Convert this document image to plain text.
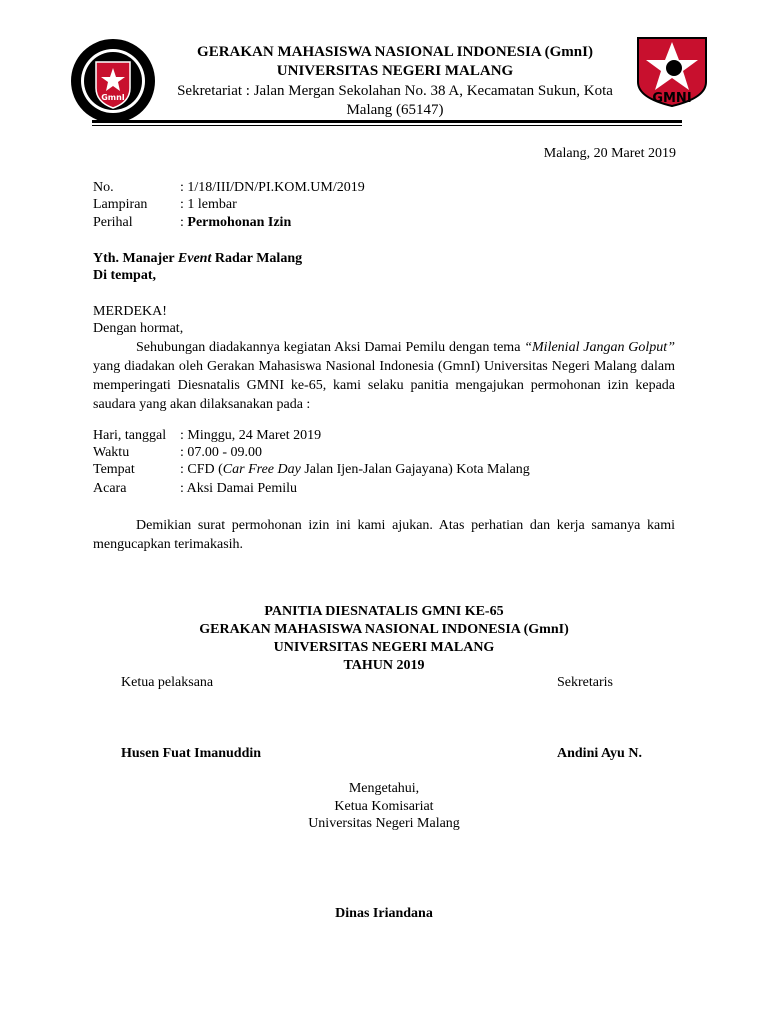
GmnI	GMNI
GERAKAN MAHASISWA NASIONAL INDONESIA (GmnI)
UNIVERSITAS NEGERI MALANG
Sekretariat : Jalan Mergan Sekolahan No. 38 A, Kecamatan Sukun, Kota
Malang (65147)
Malang, 20 Maret 2019
No.	: 1/18/III/DN/PI.KOM.UM/2019
Lampiran : 1 lembar
Perihal	: Permohonan Izin
Yth. Manajer Event Radar Malang
Di tempat,
MERDEKA!
Dengan hormat,
Sehubungan diadakannya kegiatan Aksi Damai Pemilu dengan tema “Milenial Jangan Golput” yang diadakan oleh Gerakan Mahasiswa Nasional Indonesia (GmnI) Universitas Negeri Malang dalam memperingati Diesnatalis GMNI ke-65, kami selaku panitia mengajukan permohonan izin kepada saudara yang akan dilaksanakan pada :
Hari, tanggal : Minggu, 24 Maret 2019
Waktu	: 07.00 - 09.00
Tempat	: CFD (Car Free Day Jalan Ijen-Jalan Gajayana) Kota Malang
Acara	: Aksi Damai Pemilu
Demikian surat permohonan izin ini kami ajukan. Atas perhatian dan kerja samanya kami mengucapkan terimakasih.
PANITIA DIESNATALIS GMNI KE-65
GERAKAN MAHASISWA NASIONAL INDONESIA (GmnI)
UNIVERSITAS NEGERI MALANG
TAHUN 2019
Ketua pelaksana	Sekretaris
Husen Fuat Imanuddin	Andini Ayu N.
Mengetahui,
Ketua Komisariat
Universitas Negeri Malang
Dinas Iriandana
